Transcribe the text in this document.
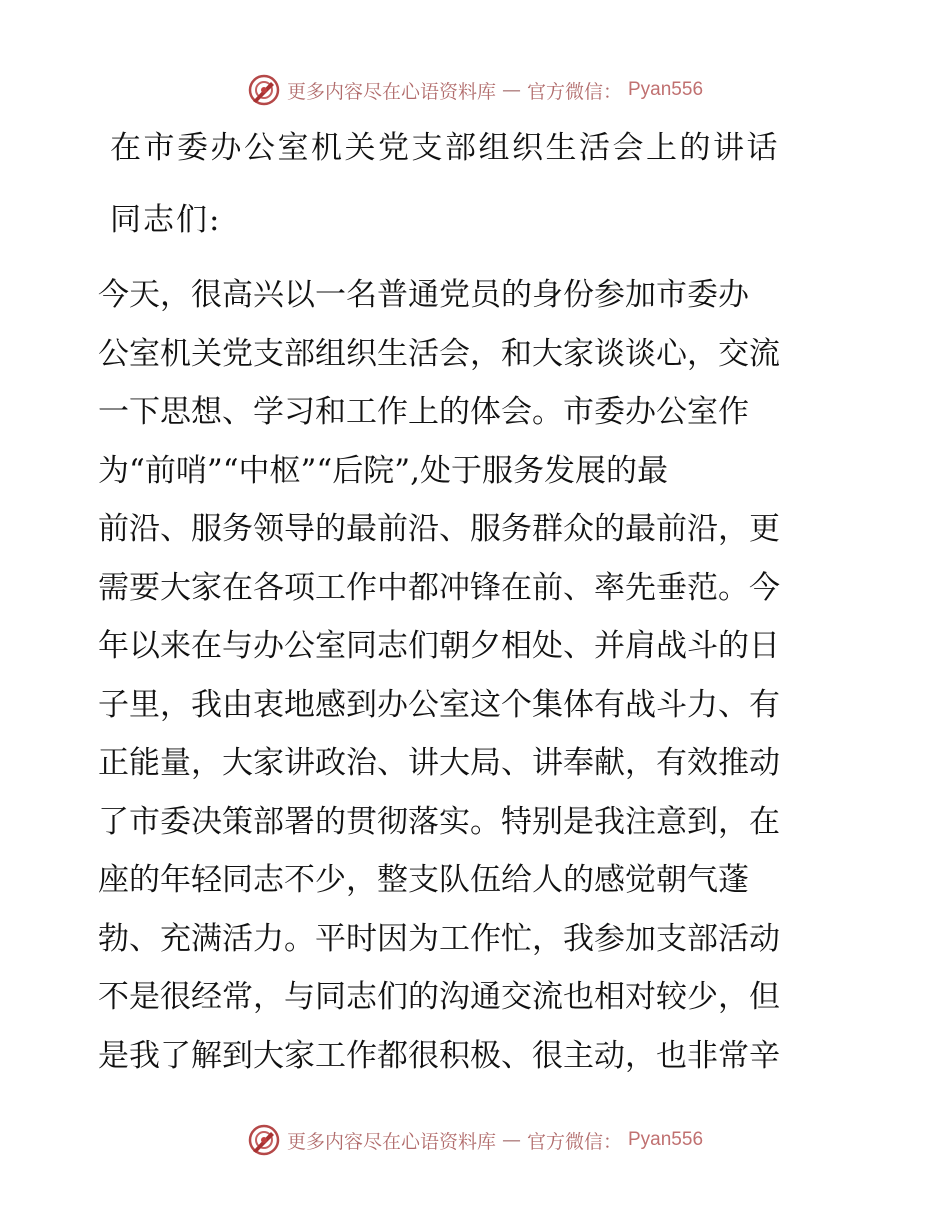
更多内容尽在心语资料库 — 官方微信： Pyan556
在市委办公室机关党支部组织生活会上的讲话
同志们:
今天，很高兴以一名普通党员的身份参加市委办
公室机关党支部组织生活会，和大家谈谈心，交流
一下思想、学习和工作上的体会。市委办公室作
为“前哨”“中枢”“后院”,处于服务发展的最
前沿、服务领导的最前沿、服务群众的最前沿，更
需要大家在各项工作中都冲锋在前、率先垂范。今
年以来在与办公室同志们朝夕相处、并肩战斗的日
子里，我由衷地感到办公室这个集体有战斗力、有
正能量，大家讲政治、讲大局、讲奉献，有效推动
了市委决策部署的贯彻落实。特别是我注意到，在
座的年轻同志不少，整支队伍给人的感觉朝气蓬
勃、充满活力。平时因为工作忙，我参加支部活动
不是很经常，与同志们的沟通交流也相对较少，但
是我了解到大家工作都很积极、很主动，也非常辛
更多内容尽在心语资料库 — 官方微信： Pyan556
